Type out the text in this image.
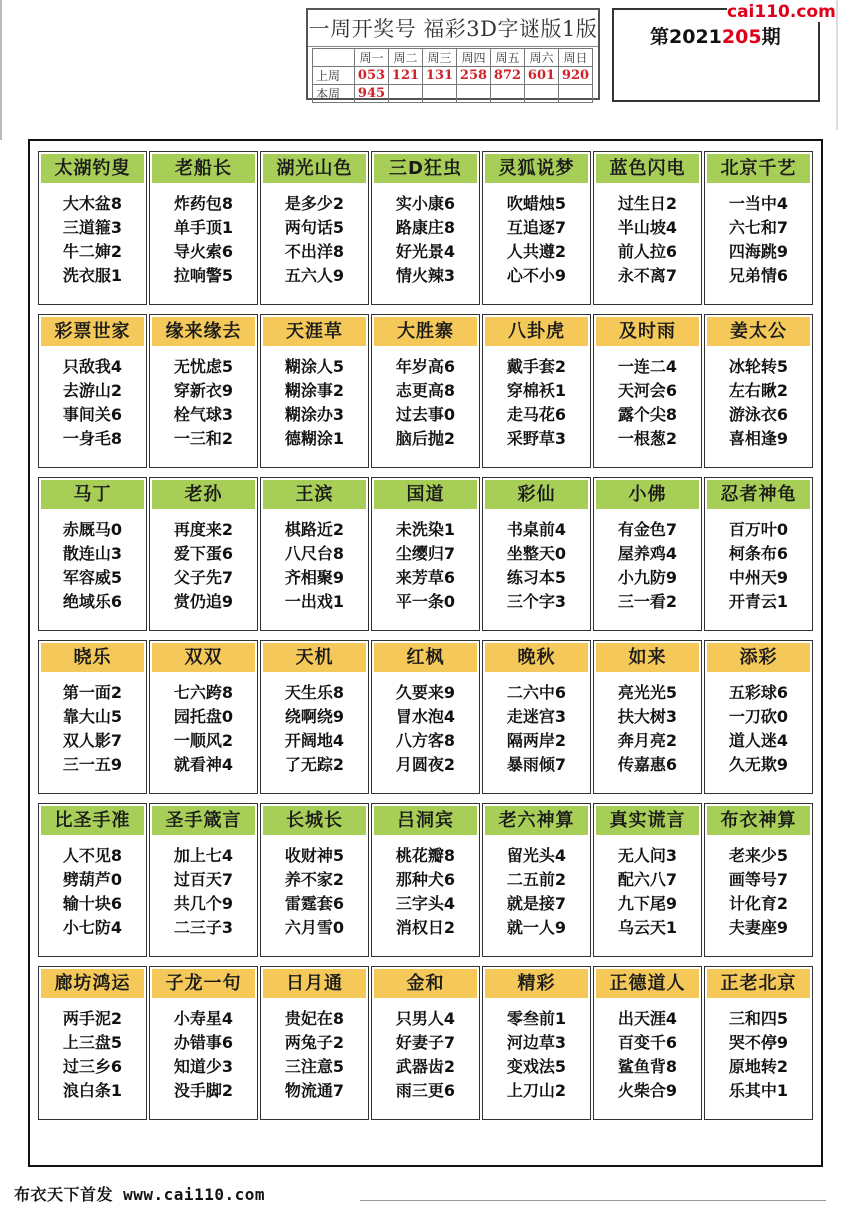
一周开奖号 福彩3D字谜版1版
	周一	周二	周三	周四	周五	周六	周日
上周	053	121	131	258	872	601	920
本周	945						
第2021205期
cai110.com
太湖钓叟
大木盆8
三道箍3
牛二婶2
洗衣服1
老船长
炸药包8
单手顶1
导火索6
拉响警5
湖光山色
是多少2
两句话5
不出洋8
五六人9
三D狂虫
实小康6
路康庄8
好光景4
情火辣3
灵狐说梦
吹蜡烛5
互追逐7
人共遵2
心不小9
蓝色闪电
过生日2
半山坡4
前人拉6
永不离7
北京千艺
一当中4
六七和7
四海跳9
兄弟情6
彩票世家
只敌我4
去游山2
事间关6
一身毛8
缘来缘去
无忧虑5
穿新衣9
栓气球3
一三和2
天涯草
糊涂人5
糊涂事2
糊涂办3
德糊涂1
大胜寨
年岁高6
志更高8
过去事0
脑后抛2
八卦虎
戴手套2
穿棉袄1
走马花6
采野草3
及时雨
一连二4
天河会6
露个尖8
一根葱2
姜太公
冰轮转5
左右瞅2
游泳衣6
喜相逢9
马丁
赤厩马0
散连山3
军容威5
绝域乐6
老孙
再度来2
爱下蛋6
父子先7
赏仍追9
王滨
棋路近2
八尺台8
齐相聚9
一出戏1
国道
未洗染1
尘缨归7
来芳草6
平一条0
彩仙
书桌前4
坐整天0
练习本5
三个字3
小佛
有金色7
屋养鸡4
小九防9
三一看2
忍者神龟
百万叶0
柯条布6
中州天9
开青云1
晓乐
第一面2
靠大山5
双人影7
三一五9
双双
七六跨8
园托盘0
一顺风2
就看神4
天机
天生乐8
绕啊绕9
开阔地4
了无踪2
红枫
久要来9
冒水泡4
八方客8
月圆夜2
晚秋
二六中6
走迷宫3
隔两岸2
暴雨倾7
如来
亮光光5
扶大树3
奔月亮2
传嘉惠6
添彩
五彩球6
一刀砍0
道人迷4
久无欺9
比圣手准
人不见8
劈葫芦0
输十块6
小七防4
圣手箴言
加上七4
过百天7
共几个9
二三子3
长城长
收财神5
养不家2
雷霆套6
六月雪0
吕洞宾
桃花瓣8
那种犬6
三字头4
消权日2
老六神算
留光头4
二五前2
就是接7
就一人9
真实谎言
无人问3
配六八7
九下尾9
乌云天1
布衣神算
老来少5
画等号7
计化育2
夫妻座9
廊坊鸿运
两手泥2
上三盘5
过三乡6
浪白条1
子龙一句
小寿星4
办错事6
知道少3
没手脚2
日月通
贵妃在8
两兔子2
三注意5
物流通7
金和
只男人4
好妻子7
武器齿2
雨三更6
精彩
零叁前1
河边草3
变戏法5
上刀山2
正德道人
出天涯4
百变千6
鲨鱼背8
火柴合9
正老北京
三和四5
哭不停9
原地转2
乐其中1
布衣天下首发 www.cai110.com
